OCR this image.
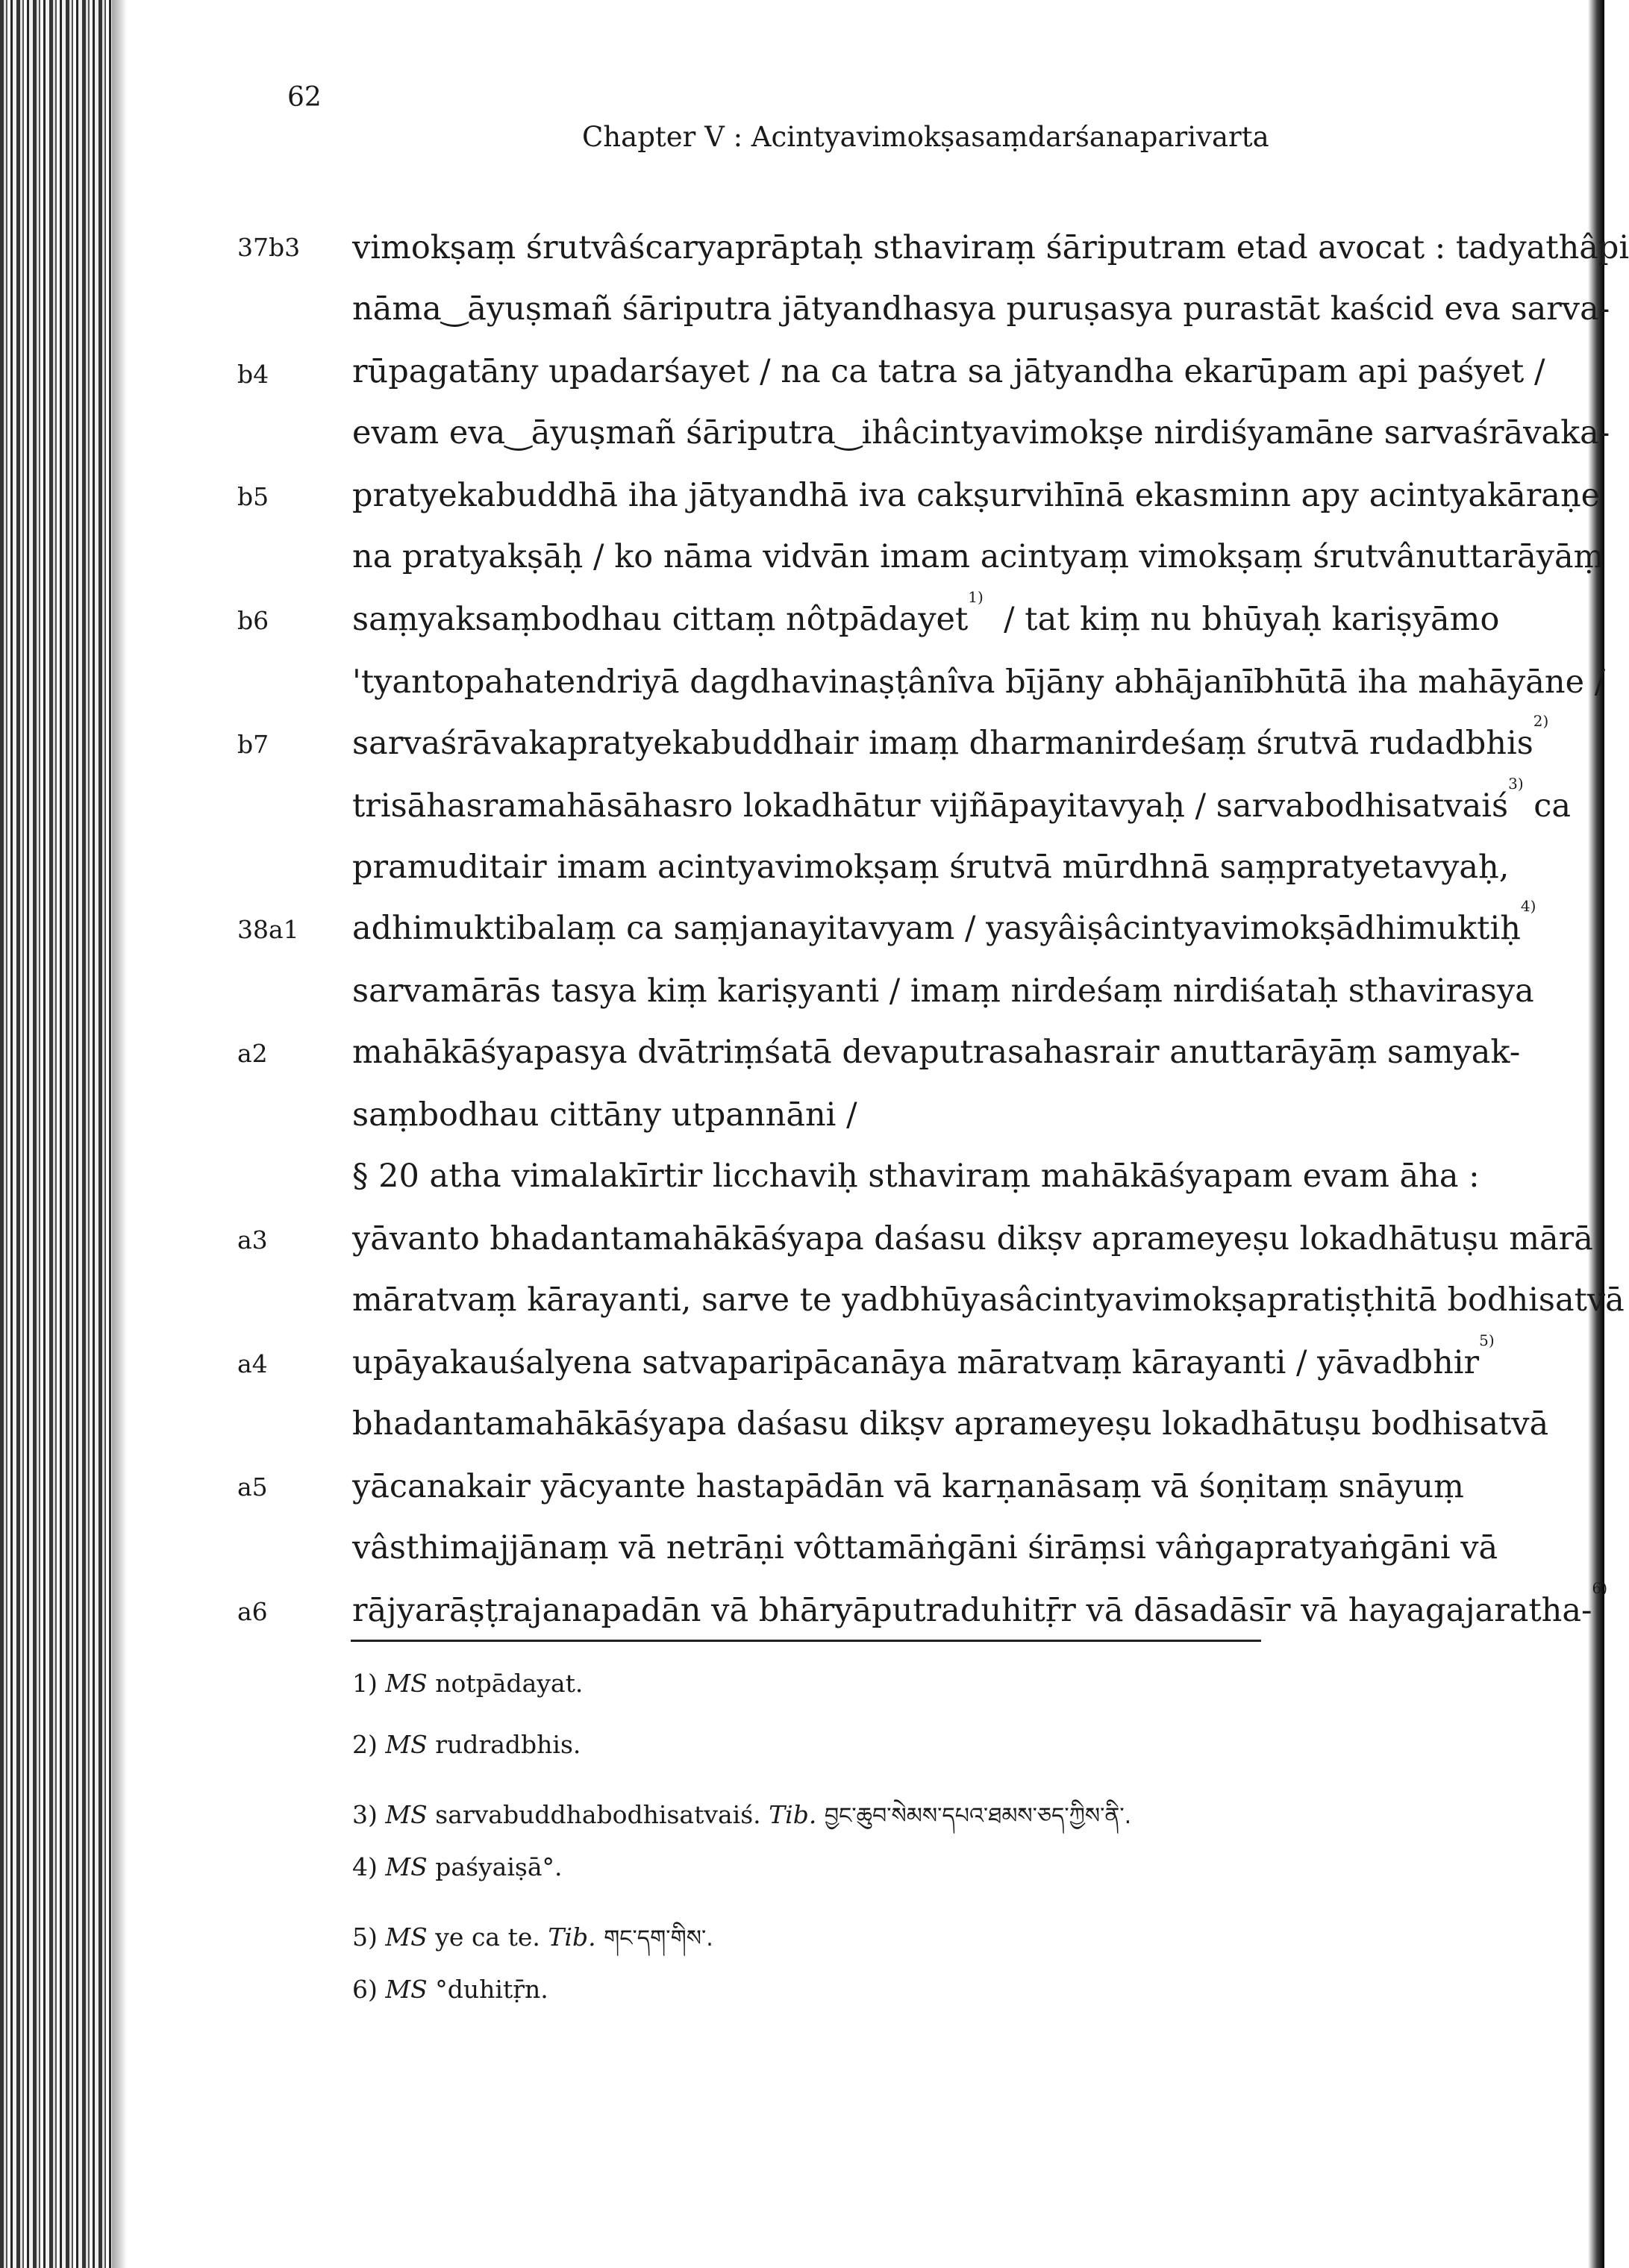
62
Chapter V : Acintyavimokṣasaṃdarśanaparivarta
37b3
b4
b5
b6
b7
38a1
a2
a3
a4
a5
a6
vimokṣaṃ śrutvâścaryaprāptaḥ sthaviraṃ śāriputram etad avocat : tadyathâpi
nāma‿āyuṣmañ śāriputra jātyandhasya puruṣasya purastāt kaścid eva sarva-
rūpagatāny upadarśayet / na ca tatra sa jātyandha ekarūpam api paśyet /
evam eva‿āyuṣmañ śāriputra‿ihâcintyavimokṣe nirdiśyamāne sarvaśrāvaka-
pratyekabuddhā iha jātyandhā iva cakṣurvihīnā ekasminn apy acintyakāraṇe
na pratyakṣāḥ / ko nāma vidvān imam acintyaṃ vimokṣaṃ śrutvânuttarāyāṃ
saṃyaksaṃbodhau cittaṃ nôtpādayet
1)

/ tat kiṃ nu bhūyaḥ kariṣyāmo
'tyantopahatendriyā dagdhavinaṣṭânîva bījāny abhājanībhūtā iha mahāyāne /
sarvaśrāvakapratyekabuddhair imaṃ dharmanirdeśaṃ śrutvā rudadbhis
2)
trisāhasramahāsāhasro lokadhātur vijñāpayitavyaḥ / sarvabodhisatvaiś
3)

ca
pramuditair imam acintyavimokṣaṃ śrutvā mūrdhnā saṃpratyetavyaḥ,
adhimuktibalaṃ ca saṃjanayitavyam / yasyâiṣâcintyavimokṣādhimuktiḥ
4)
sarvamārās tasya kiṃ kariṣyanti / imaṃ nirdeśaṃ nirdiśataḥ sthavirasya
mahākāśyapasya dvātriṃśatā devaputrasahasrair anuttarāyāṃ samyak-
saṃbodhau cittāny utpannāni /
§ 20 atha vimalakīrtir licchaviḥ sthaviraṃ mahākāśyapam evam āha :
yāvanto bhadantamahākāśyapa daśasu dikṣv aprameyeṣu lokadhātuṣu mārā
māratvaṃ kārayanti, sarve te yadbhūyasâcintyavimokṣapratiṣṭhitā bodhisatvā
upāyakauśalyena satvaparipācanāya māratvaṃ kārayanti / yāvadbhir
5)
bhadantamahākāśyapa daśasu dikṣv aprameyeṣu lokadhātuṣu bodhisatvā
yācanakair yācyante hastapādān vā karṇanāsaṃ vā śoṇitaṃ snāyuṃ
vâsthimajjānaṃ vā netrāṇi vôttamāṅgāni śirāṃsi vâṅgapratyaṅgāni vā
rājyarāṣṭrajanapadān vā bhāryāputraduhitṝr vā dāsadāsīr vā hayagajaratha-
6)
1) MS notpādayat.
2) MS rudradbhis.
3) MS sarvabuddhabodhisatvaiś. Tib. བྱང་ཆུབ་སེམས་དཔའ་ཐམས་ཅད་ཀྱིས་ནི་.
4) MS paśyaiṣā°.
5) MS ye ca te. Tib. གང་དག་གིས་.
6) MS °duhitṝn.
